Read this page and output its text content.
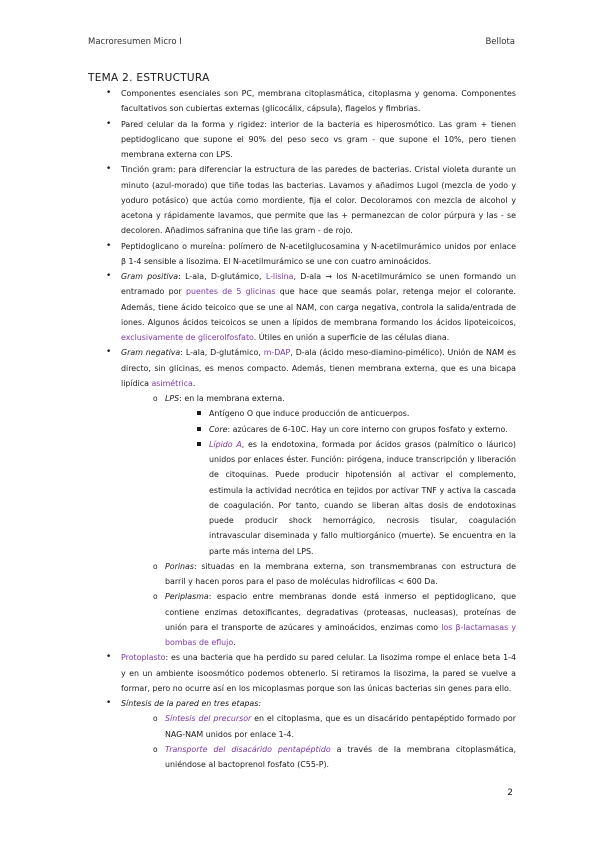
Macroresumen Micro I	Bellota
TEMA 2. ESTRUCTURA
• Componentes esenciales son PC, membrana citoplasmática, citoplasma y genoma. Componentes facultativos son cubiertas externas (glicocálix, cápsula), flagelos y fimbrias.
• Pared celular da la forma y rigidez: interior de la bacteria es hiperosmótico. Las gram + tienen peptidoglicano que supone el 90% del peso seco vs gram - que supone el 10%, pero tienen membrana externa con LPS.
• Tinción gram: para diferenciar la estructura de las paredes de bacterias. Cristal violeta durante un minuto (azul-morado) que tiñe todas las bacterias. Lavamos y añadimos Lugol (mezcla de yodo y yoduro potásico) que actúa como mordiente, fija el color. Decoloramos con mezcla de alcohol y acetona y rápidamente lavamos, que permite que las + permanezcan de color púrpura y las - se decoloren. Añadimos safranina que tiñe las gram - de rojo.
• Peptidoglicano o mureína: polímero de N-acetilglucosamina y N-acetilmurámico unidos por enlace β 1-4 sensible a lisozima. El N-acetilmurámico se une con cuatro aminoácidos.
• Gram positiva: L-ala, D-glutámico, L-lisina, D-ala → los N-acetilmurámico se unen formando un entramado por puentes de 5 glicinas que hace que seamás polar, retenga mejor el colorante. Además, tiene ácido teicoico que se une al NAM, con carga negativa, controla la salida/entrada de iones. Algunos ácidos teicoicos se unen a lípidos de membrana formando los ácidos lipoteicoicos, exclusivamente de glicerolfosfato. Útiles en unión a superficie de las células diana.
• Gram negativa: L-ala, D-glutámico, m-DAP, D-ala (ácido meso-diamino-pimélico). Unión de NAM es directo, sin glicinas, es menos compacto. Además, tienen membrana externa, que es una bicapa lipídica asimétrica.
o LPS: en la membrana externa.
Antígeno O que induce producción de anticuerpos.
Core: azúcares de 6-10C. Hay un core interno con grupos fosfato y externo.
Lípido A, es la endotoxina, formada por ácidos grasos (palmítico o láurico) unidos por enlaces éster. Función: pirógena, induce transcripción y liberación de citoquinas. Puede producir hipotensión al activar el complemento, estimula la actividad necrótica en tejidos por activar TNF y activa la cascada de coagulación. Por tanto, cuando se liberan altas dosis de endotoxinas puede producir shock hemorrágico, necrosis tisular, coagulación intravascular diseminada y fallo multiorgánico (muerte). Se encuentra en la parte más interna del LPS.
o Porinas: situadas en la membrana externa, son transmembranas con estructura de barril y hacen poros para el paso de moléculas hidrofílicas < 600 Da.
o Periplasma: espacio entre membranas donde está inmerso el peptidoglicano, que contiene enzimas detoxificantes, degradativas (proteasas, nucleasas), proteínas de unión para el transporte de azúcares y aminoácidos, enzimas como los β-lactamasas y bombas de eflujo.
• Protoplasto: es una bacteria que ha perdido su pared celular. La lisozima rompe el enlace beta 1-4 y en un ambiente isoosmótico podemos obtenerlo. Si retiramos la lisozima, la pared se vuelve a formar, pero no ocurre así en los micoplasmas porque son las únicas bacterias sin genes para ello.
• Síntesis de la pared en tres etapas:
o Síntesis del precursor en el citoplasma, que es un disacárido pentapéptido formado por NAG-NAM unidos por enlace 1-4.
o Transporte del disacárido pentapéptido a través de la membrana citoplasmática, uniéndose al bactoprenol fosfato (C55-P).
2
